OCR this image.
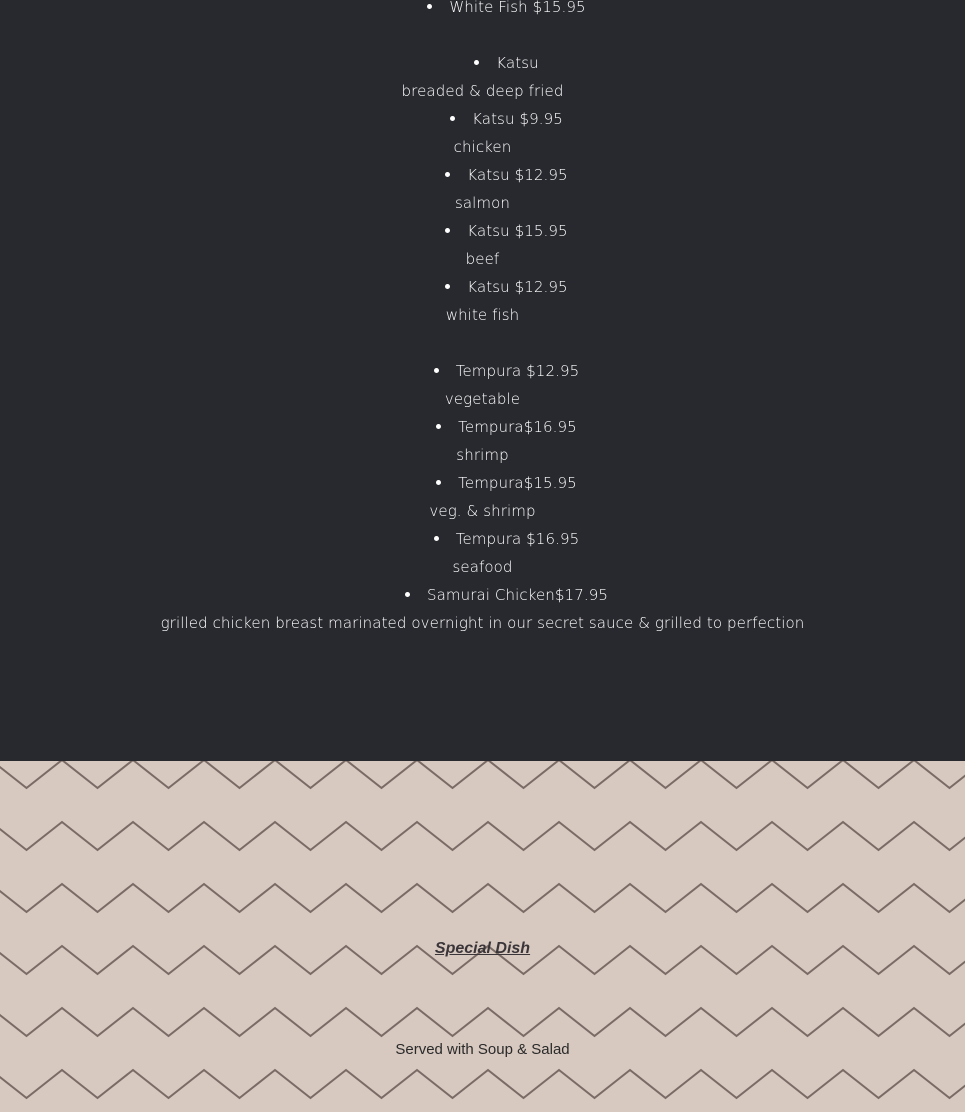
White Fish $15.95
Katsu
breaded & deep fried
Katsu $9.95
chicken
Katsu $12.95
salmon
Katsu $15.95
beef
Katsu $12.95
white fish
Tempura $12.95
vegetable
Tempura$16.95
shrimp
Tempura$15.95
veg. & shrimp
Tempura $16.95
seafood
Samurai Chicken$17.95
grilled chicken breast marinated overnight in our secret sauce & grilled to perfection
Special Dish
Served with Soup & Salad
